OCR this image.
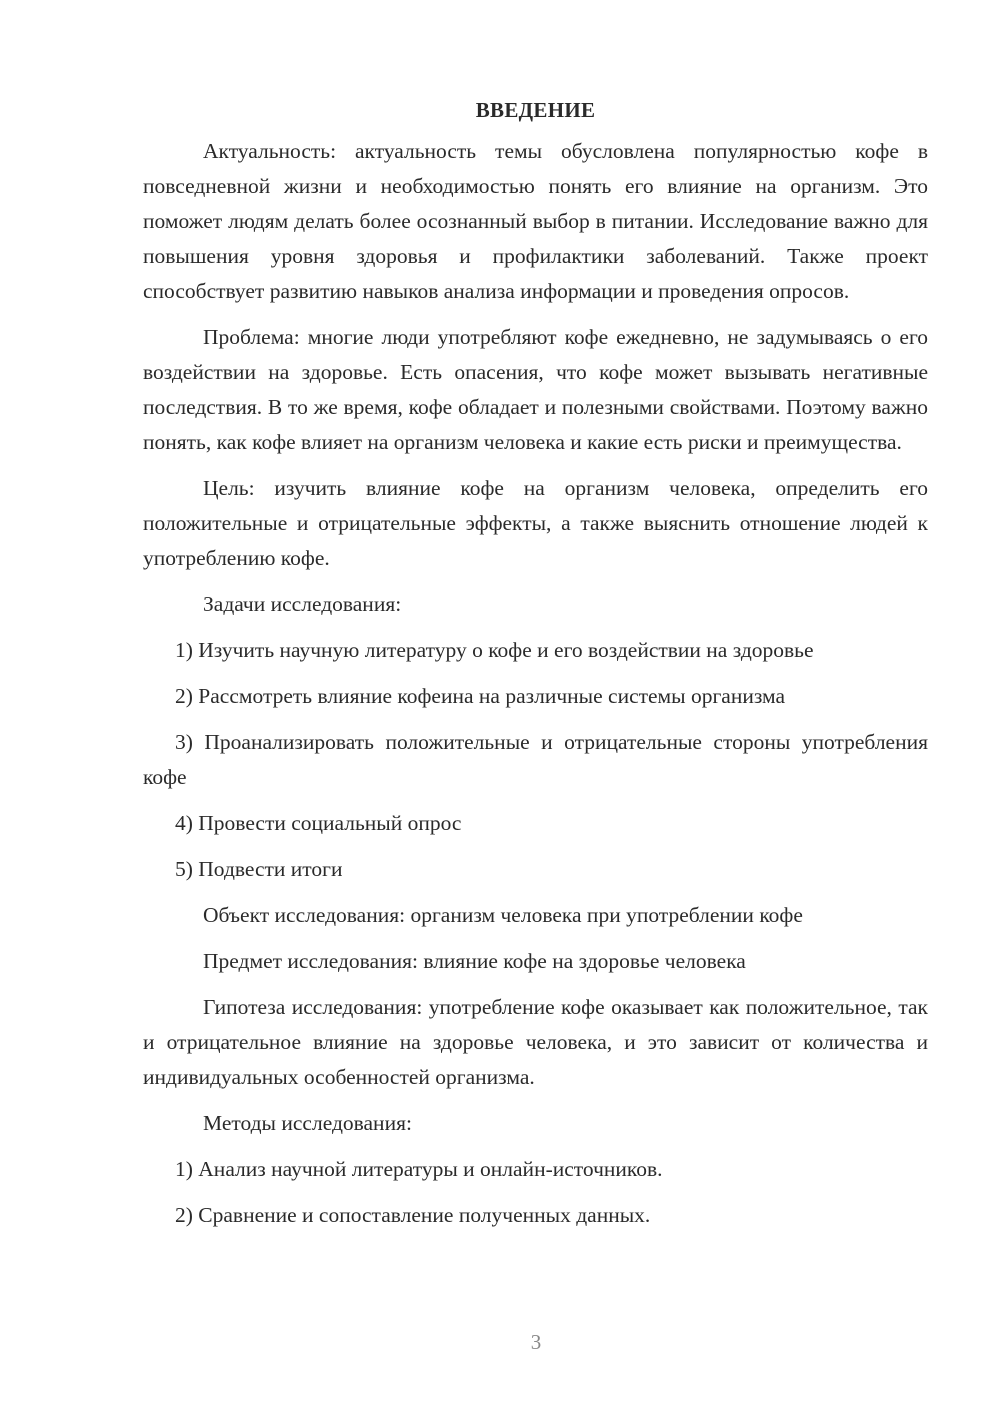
ВВЕДЕНИЕ

Актуальность: актуальность темы обусловлена популярностью кофе в повседневной жизни и необходимостью понять его влияние на организм. Это поможет людям делать более осознанный выбор в питании. Исследование важно для повышения уровня здоровья и профилактики заболеваний. Также проект способствует развитию навыков анализа информации и проведения опросов.

Проблема: многие люди употребляют кофе ежедневно, не задумываясь о его воздействии на здоровье. Есть опасения, что кофе может вызывать негативные последствия. В то же время, кофе обладает и полезными свойствами. Поэтому важно понять, как кофе влияет на организм человека и какие есть риски и преимущества.

Цель: изучить влияние кофе на организм человека, определить его положительные и отрицательные эффекты, а также выяснить отношение людей к употреблению кофе.

Задачи исследования:

1) Изучить научную литературу о кофе и его воздействии на здоровье

2) Рассмотреть влияние кофеина на различные системы организма

3) Проанализировать положительные и отрицательные стороны употребления кофе

4) Провести социальный опрос

5) Подвести итоги

Объект исследования: организм человека при употреблении кофе

Предмет исследования: влияние кофе на здоровье человека

Гипотеза исследования: употребление кофе оказывает как положительное, так и отрицательное влияние на здоровье человека, и это зависит от количества и индивидуальных особенностей организма.

Методы исследования:

1) Анализ научной литературы и онлайн-источников.

2) Сравнение и сопоставление полученных данных.

3
